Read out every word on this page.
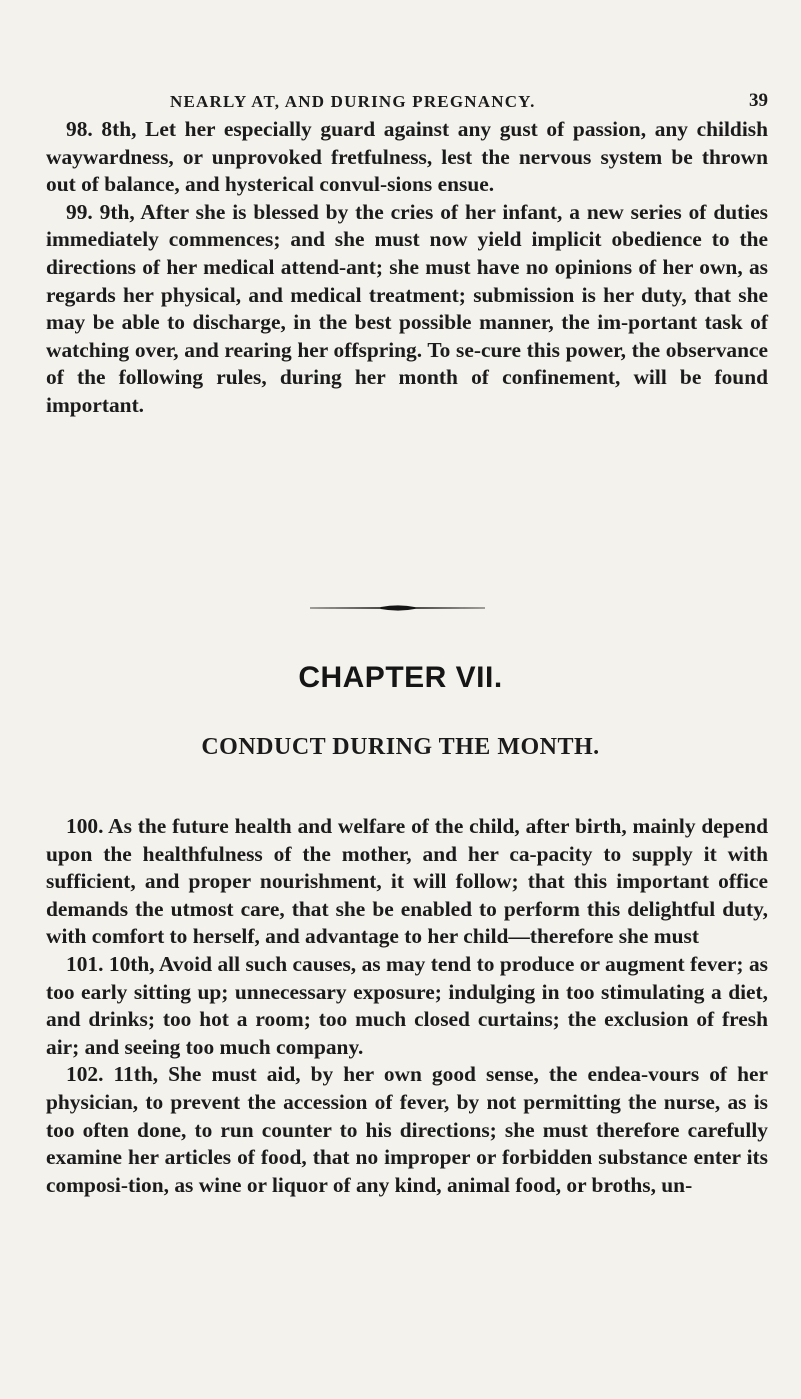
NEARLY AT, AND DURING PREGNANCY.	39

98. 8th, Let her especially guard against any gust of passion, any childish waywardness, or unprovoked fretfulness, lest the nervous system be thrown out of balance, and hysterical convul-sions ensue.

99. 9th, After she is blessed by the cries of her infant, a new series of duties immediately commences; and she must now yield implicit obedience to the directions of her medical attend-ant; she must have no opinions of her own, as regards her physical, and medical treatment; submission is her duty, that she may be able to discharge, in the best possible manner, the im-portant task of watching over, and rearing her offspring. To se-cure this power, the observance of the following rules, during her month of confinement, will be found important.

CHAPTER VII.
CONDUCT DURING THE MONTH.

100. As the future health and welfare of the child, after birth, mainly depend upon the healthfulness of the mother, and her ca-pacity to supply it with sufficient, and proper nourishment, it will follow; that this important office demands the utmost care, that she be enabled to perform this delightful duty, with comfort to herself, and advantage to her child—therefore she must

101. 10th, Avoid all such causes, as may tend to produce or augment fever; as too early sitting up; unnecessary exposure; indulging in too stimulating a diet, and drinks; too hot a room; too much closed curtains; the exclusion of fresh air; and seeing too much company.

102. 11th, She must aid, by her own good sense, the endea-vours of her physician, to prevent the accession of fever, by not permitting the nurse, as is too often done, to run counter to his directions; she must therefore carefully examine her articles of food, that no improper or forbidden substance enter its composi-tion, as wine or liquor of any kind, animal food, or broths, un-
